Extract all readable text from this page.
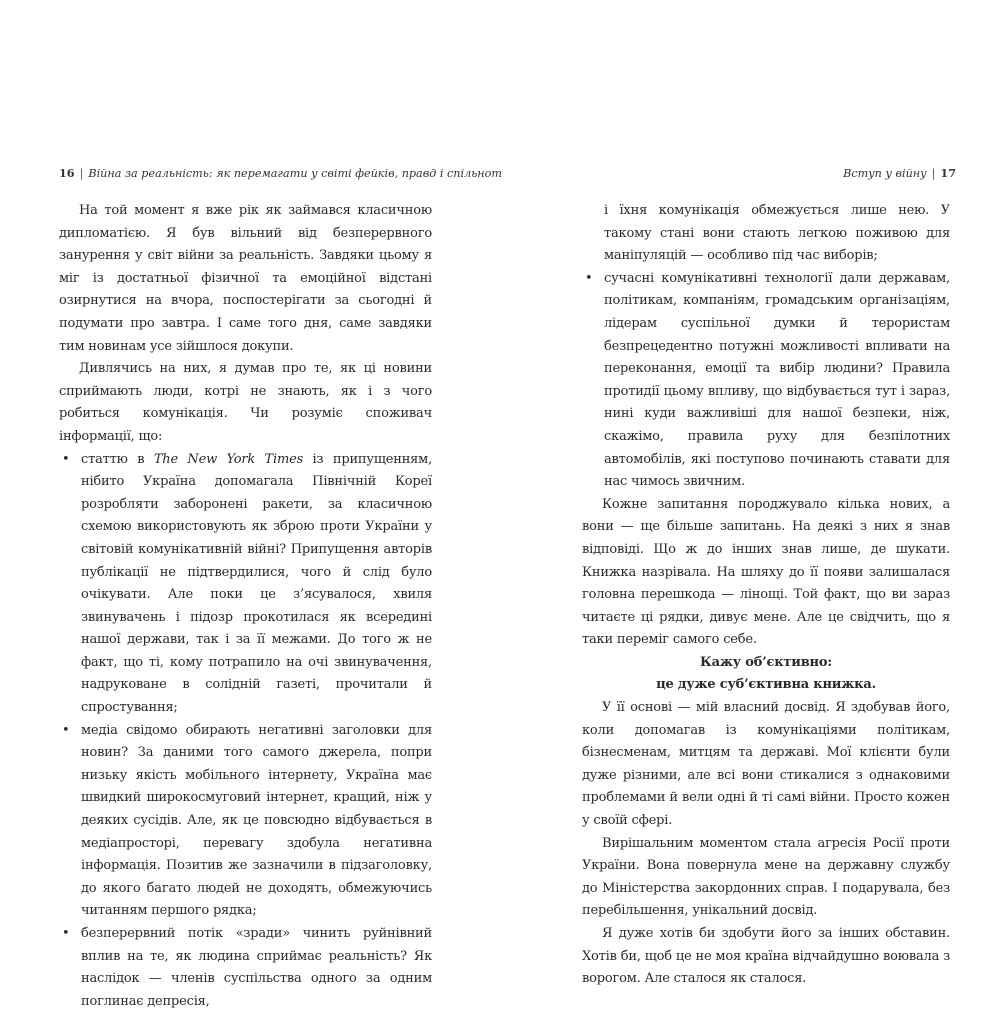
16 | Війна за реальність: як перемагати у світі фейків, правд і спільнот

На той момент я вже рік як займався класичною дипломатією. Я був вільний від безперервного занурення у світ війни за реальність. Завдяки цьому я міг із достатньої фізичної та емоційної відстані озирнутися на вчора, поспостерігати за сьогодні й подумати про завтра. І саме того дня, саме завдяки тим новинам усе зійшлося докупи.

Дивлячись на них, я думав про те, як ці новини сприймають люди, котрі не знають, як і з чого робиться комунікація. Чи розуміє споживач інформації, що:

• статтю в The New York Times із припущенням, нібито Україна допомагала Північній Кореї розробляти заборонені ракети, за класичною схемою використовують як зброю проти України у світовій комунікативній війні? Припущення авторів публікації не підтвердилися, чого й слід було очікувати. Але поки це з’ясувалося, хвиля звинувачень і підозр прокотилася як всередині нашої держави, так і за її межами. До того ж не факт, що ті, кому потрапило на очі звинувачення, надруковане в солідній газеті, прочитали й спростування;
• медіа свідомо обирають негативні заголовки для новин? За даними того самого джерела, попри низьку якість мобільного інтернету, Україна має швидкий широкосмуговий інтернет, кращий, ніж у деяких сусідів. Але, як це повсюдно відбувається в медіапросторі, перевагу здобула негативна інформація. Позитив же зазначили в підзаголовку, до якого багато людей не доходять, обмежуючись читанням першого рядка;
• безперервний потік «зради» чинить руйнівний вплив на те, як людина сприймає реальність? Як наслідок — членів суспільства одного за одним поглинає депресія,
Вступ у війну | 17
і їхня комунікація обмежується лише нею. У такому стані вони стають легкою поживою для маніпуляцій — особливо під час виборів;
• сучасні комунікативні технології дали державам, політикам, компаніям, громадським організаціям, лідерам суспільної думки й терористам безпрецедентно потужні можливості впливати на переконання, емоції та вибір людини? Правила протидії цьому впливу, що відбувається тут і зараз, нині куди важливіші для нашої безпеки, ніж, скажімо, правила руху для безпілотних автомобілів, які поступово починають ставати для нас чимось звичним.

Кожне запитання породжувало кілька нових, а вони — ще більше запитань. На деякі з них я знав відповіді. Що ж до інших знав лише, де шукати. Книжка назрівала. На шляху до її появи залишалася головна перешкода — лінощі. Той факт, що ви зараз читаєте ці рядки, дивує мене. Але це свідчить, що я таки переміг самого себе.

Кажу об’єктивно:
це дуже суб’єктивна книжка.

У її основі — мій власний досвід. Я здобував його, коли допомагав із комунікаціями політикам, бізнесменам, митцям та державі. Мої клієнти були дуже різними, але всі вони стикалися з однаковими проблемами й вели одні й ті самі війни. Просто кожен у своїй сфері.

Вирішальним моментом стала агресія Росії проти України. Вона повернула мене на державну службу до Міністерства закордонних справ. І подарувала, без перебільшення, унікальний досвід.

Я дуже хотів би здобути його за інших обставин. Хотів би, щоб це не моя країна відчайдушно воювала з ворогом. Але сталося як сталося.
